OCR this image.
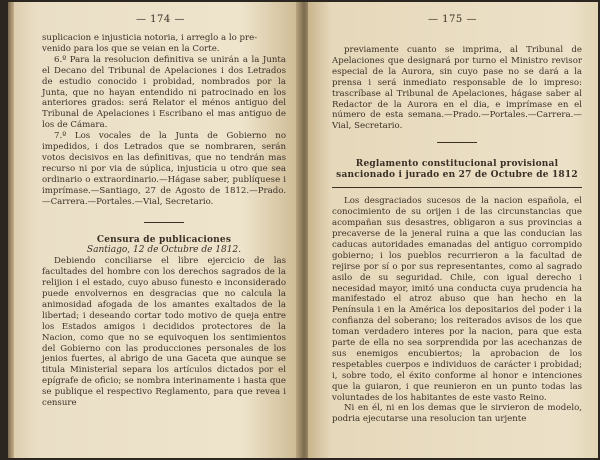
— 174 —

suplicacion e injusticia notoria, i arreglo a lo pre-

venido para los que se veian en la Corte.

6.º Para la resolucion definitiva se unirán a la Junta el Decano del Tribunal de Apelaciones i dos Letrados de estudio conocido i probidad, nombrados por la Junta, que no hayan entendido ni patrocinado en los anteriores grados: será Relator el ménos antiguo del Tribunal de Apelaciones i Escribano el mas antiguo de los de Cámara.

7.º Los vocales de la Junta de Gobierno no impedidos, i dos Letrados que se nombraren, serán votos decisivos en las definitivas, que no tendrán mas recurso ni por via de súplica, injusticia u otro que sea ordinario o extraordinario.—Hágase saber, publíquese i imprímase.—Santiago, 27 de Agosto de 1812.—Prado.—Carrera.—Portales.—Vial, Secretario.

Censura de publicaciones

Santiago, 12 de Octubre de 1812.

Debiendo conciliarse el libre ejercicio de las facultades del hombre con los derechos sagrados de la relijion i el estado, cuyo abuso funesto e inconsiderado puede envolvernos en desgracias que no calcula la animosidad afogada de los amantes exaltados de la libertad; i deseando cortar todo motivo de queja entre los Estados amigos i decididos protectores de la Nacion, como que no se equivoquen los sentimientos del Gobierno con las producciones personales de los jenios fuertes, al abrigo de una Gaceta que aunque se titula Ministerial separa los artículos dictados por el epígrafe de oficio; se nombra interinamente i hasta que se publique el respectivo Reglamento, para que revea i censure

— 175 —

previamente cuanto se imprima, al Tribunal de Apelaciones que designará por turno el Ministro revisor especial de la Aurora, sin cuyo pase no se dará a la prensa i será inmediato responsable de lo impreso: trascríbase al Tribunal de Apelaciones, hágase saber al Redactor de la Aurora en el dia, e imprímase en el número de esta semana.—Prado.—Portales.—Carrera.—Vial, Secretario.

Reglamento constitucional provisional
sancionado i jurado en 27 de Octubre de 1812

Los desgraciados sucesos de la nacion española, el conocimiento de su orijen i de las circunstancias que acompañan sus desastres, obligaron a sus provincias a precaverse de la jeneral ruina a que las conducian las caducas autoridades emanadas del antiguo corrompido gobierno; i los pueblos recurrieron a la facultad de rejirse por sí o por sus representantes, como al sagrado asilo de su seguridad. Chile, con igual derecho i necesidad mayor, imitó una conducta cuya prudencia ha manifestado el atroz abuso que han hecho en la Península i en la América los depositarios del poder i la confianza del soberano; los reiterados avisos de los que toman verdadero interes por la nacion, para que esta parte de ella no sea sorprendida por las acechanzas de sus enemigos encubiertos; la aprobacion de los respetables cuerpos e individuos de carácter i probidad; i, sobre todo, el éxito conforme al honor e intenciones que la guiaron, i que reunieron en un punto todas las voluntades de los habitantes de este vasto Reino.

Ni en él, ni en los demas que le sirvieron de modelo, podria ejecutarse una resolucion tan urjente
